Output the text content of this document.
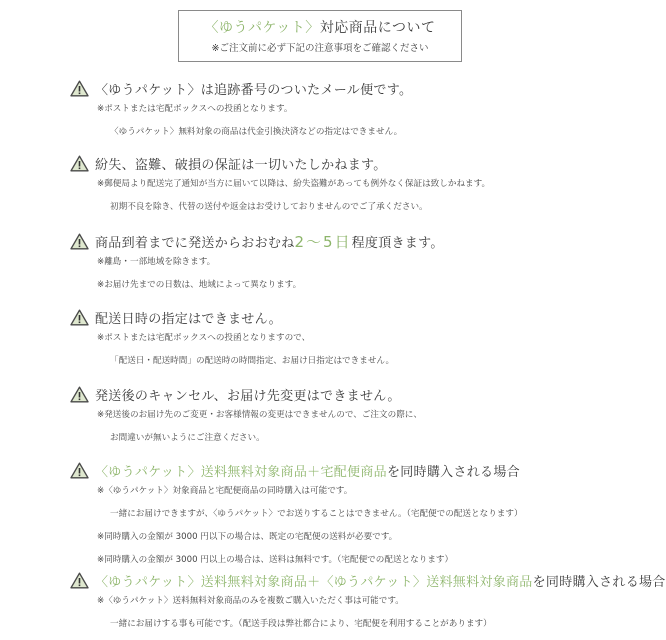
〈ゆうパケット〉対応商品について
※ご注文前に必ず下記の注意事項をご確認ください
〈ゆうパケット〉は追跡番号のついたメール便です。
※ポストまたは宅配ボックスへの投函となります。
〈ゆうパケット〉無料対象の商品は代金引換決済などの指定はできません。
紛失、盗難、破損の保証は一切いたしかねます。
※郵便局より配送完了通知が当方に届いて以降は、紛失盗難があっても例外なく保証は致しかねます。
初期不良を除き、代替の送付や返金はお受けしておりませんのでご了承ください。
商品到着までに発送からおおむね 2〜5日 程度頂きます。
※離島・一部地域を除きます。
※お届け先までの日数は、地域によって異なります。
配送日時の指定はできません。
※ポストまたは宅配ボックスへの投函となりますので、
「配送日・配送時間」の配送時の時間指定、お届け日指定はできません。
発送後のキャンセル、お届け先変更はできません。
※発送後のお届け先のご変更・お客様情報の変更はできませんので、ご注文の際に、
お間違いが無いようにご注意ください。
〈ゆうパケット〉送料無料対象商品＋宅配便商品 を同時購入される場合
※〈ゆうパケット〉対象商品と宅配便商品の同時購入は可能です。
一緒にお届けできますが、〈ゆうパケット〉でお送りすることはできません。（宅配便での配送となります）
※同時購入の金額が 3000 円以下の場合は、既定の宅配便の送料が必要です。
※同時購入の金額が 3000 円以上の場合は、送料は無料です。（宅配便での配送となります）
〈ゆうパケット〉送料無料対象商品＋〈ゆうパケット〉送料無料対象商品 を同時購入される場合
※〈ゆうパケット〉送料無料対象商品のみを複数ご購入いただく事は可能です。
一緒にお届けする事も可能です。（配送手段は弊社都合により、宅配便を利用することがあります）
